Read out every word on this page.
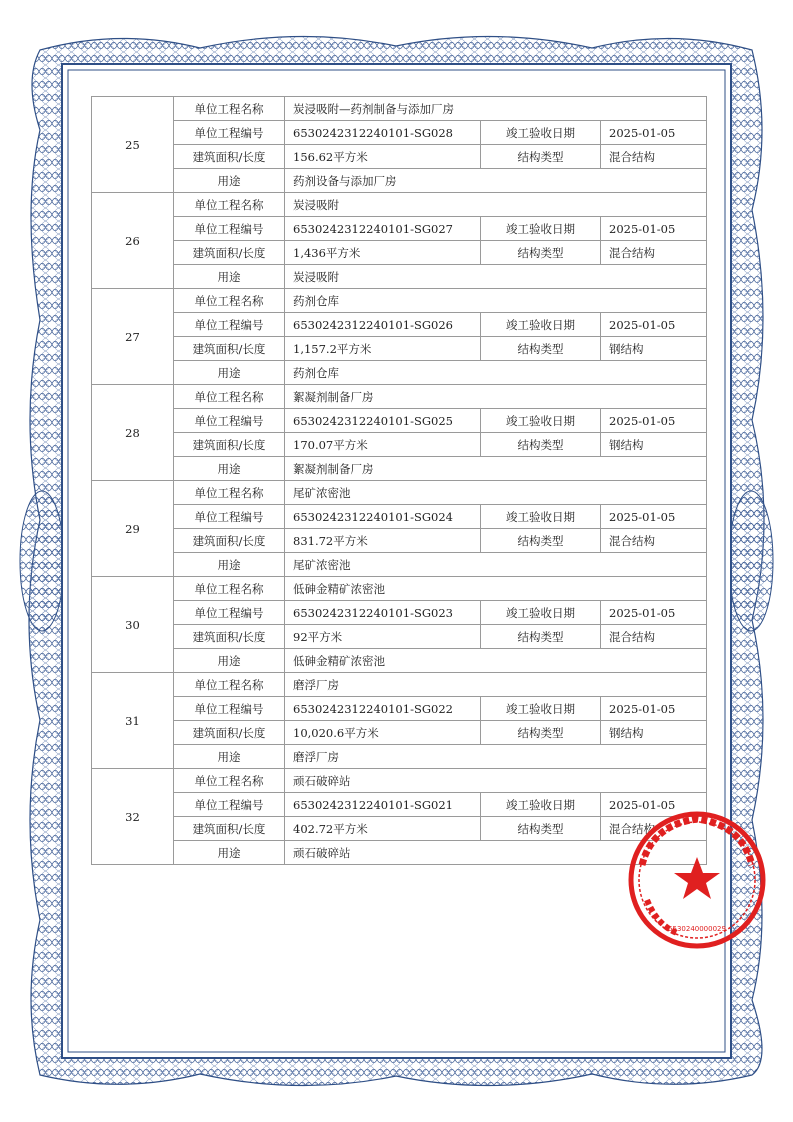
25	单位工程名称	炭浸吸附—药剂制备与添加厂房		
	单位工程编号	6530242312240101-SG028	竣工验收日期	2025-01-05
	建筑面积/长度	156.62平方米	结构类型	混合结构
	用途	药剂设备与添加厂房		
26	单位工程名称	炭浸吸附		
	单位工程编号	6530242312240101-SG027	竣工验收日期	2025-01-05
	建筑面积/长度	1,436平方米	结构类型	混合结构
	用途	炭浸吸附		
27	单位工程名称	药剂仓库		
	单位工程编号	6530242312240101-SG026	竣工验收日期	2025-01-05
	建筑面积/长度	1,157.2平方米	结构类型	钢结构
	用途	药剂仓库		
28	单位工程名称	絮凝剂制备厂房		
	单位工程编号	6530242312240101-SG025	竣工验收日期	2025-01-05
	建筑面积/长度	170.07平方米	结构类型	钢结构
	用途	絮凝剂制备厂房		
29	单位工程名称	尾矿浓密池		
	单位工程编号	6530242312240101-SG024	竣工验收日期	2025-01-05
	建筑面积/长度	831.72平方米	结构类型	混合结构
	用途	尾矿浓密池		
30	单位工程名称	低砷金精矿浓密池		
	单位工程编号	6530242312240101-SG023	竣工验收日期	2025-01-05
	建筑面积/长度	92平方米	结构类型	混合结构
	用途	低砷金精矿浓密池		
31	单位工程名称	磨浮厂房		
	单位工程编号	6530242312240101-SG022	竣工验收日期	2025-01-05
	建筑面积/长度	10,020.6平方米	结构类型	钢结构
	用途	磨浮厂房		
32	单位工程名称	顽石破碎站		
	单位工程编号	6530242312240101-SG021	竣工验收日期	2025-01-05
	建筑面积/长度	402.72平方米	结构类型	混合结构
	用途	顽石破碎站		
6530240000029
